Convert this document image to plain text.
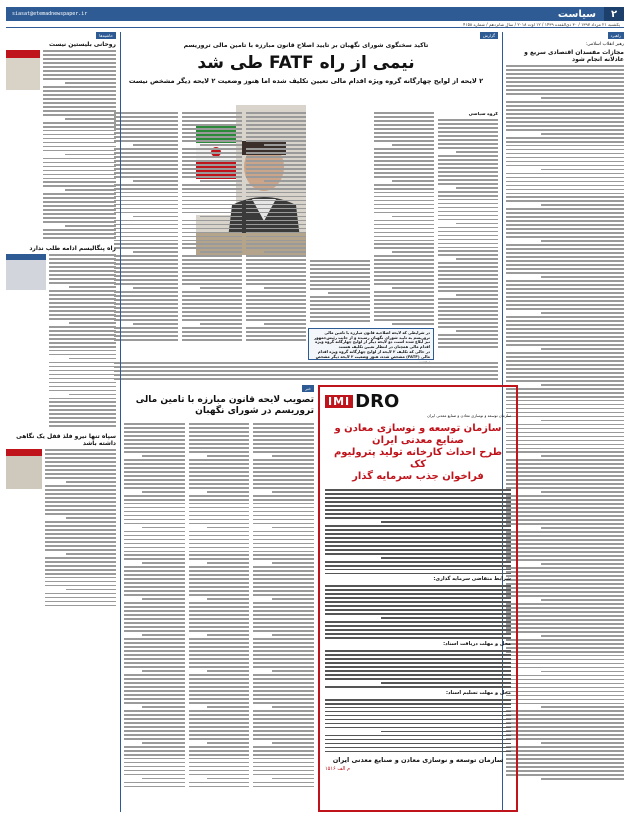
۲
سیاست
siasat@etemadnewspaper.ir
یکشنبه ۲۱ مرداد ۱۳۹۷ / ۳۰ ذی‌القعده ۱۴۳۹ / ۱۲ اوت ۲۰۱۸ / سال شانزدهم / شماره ۴۱۵۸
راهبرد
رهبر انقلاب اسلامی:
مجازات مفسدان اقتصادی سریع و عادلانه انجام شود
گزارش
تاکید سخنگوی شورای نگهبان بر تایید اصلاح قانون مبارزه با تامین مالی تروریسم
نیمی از راه FATF طی شد
۲ لایحه از لوایح چهارگانه گروه ویژه اقدام مالی تعیین تکلیف شده اما هنوز وضعیت ۲ لایحه دیگر مشخص نیست
گروه سیاسی
در شرایطی که لایحه اصلاحیه قانون مبارزه با تامین مالی تروریسم به تایید شورای نگهبان رسیده و از جانب رئیس‌جمهور نیز ابلاغ شده است، دو لایحه دیگر از لوایح چهارگانه گروه ویژه اقدام مالی همچنان در انتظار تعیین تکلیف هستند
در حالی که تکلیف ۲ لایحه از لوایح چهارگانه گروه ویژه اقدام مالی (FATF) مشخص شده، هنوز وضعیت ۲ لایحه دیگر مشخص
حاشیه‌ها
روحانی بلیستین نیست
راه پنگالیسم ادامه طلب ندارد
سپاه تنها نیرو فلذ قفل یک نگاهی داشته باشد
خبر
تصویب لایحه قانون مبارزه با تامین مالی تروریسم در شورای نگهبان DRO
IMI
سازمان توسعه و نوسازی معادن و صنایع معدنی ایران
سازمان توسعه و نوسازی معادن و صنایع معدنی ایران
طرح احداث کارخانه تولید پترولیوم کک
فراخوان جذب سرمایه گذار
شرایط متقاضی سرمایه گذاری:
محل و مهلت دریافت اسناد:
محل و مهلت تسلیم اسناد:
سازمان توسعه و نوسازی معادن و صنایع معدنی ایران
م الف ۱۵۱۶
